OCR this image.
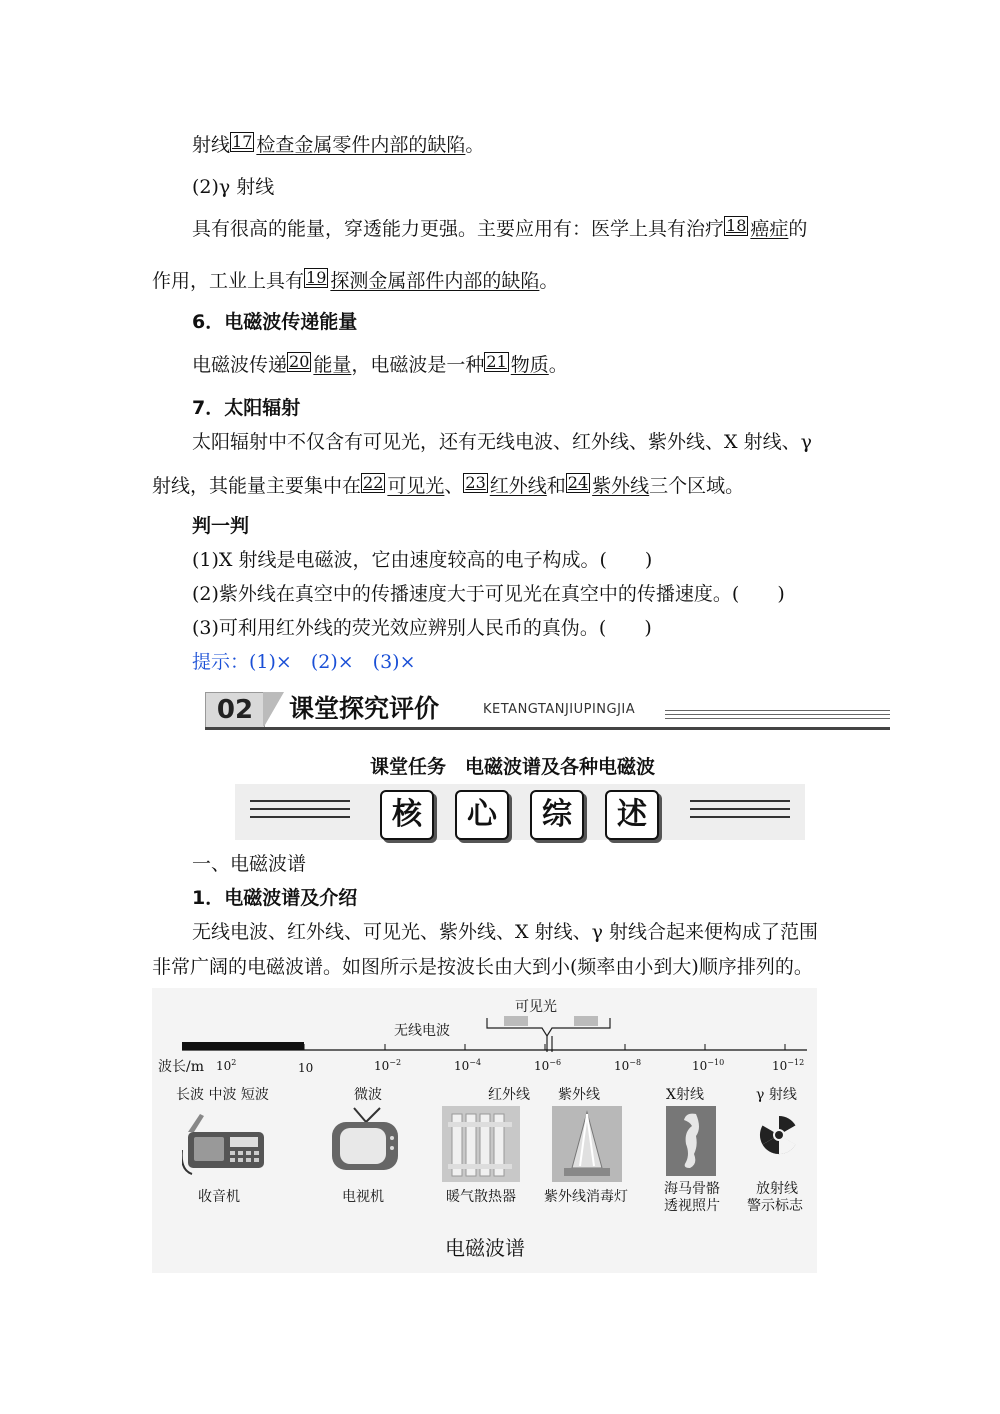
射线 17 检查金属零件内部的缺陷。
(2)γ 射线
具有很高的能量，穿透能力更强。主要应用有：医学上具有治疗 18 癌症的
作用，工业上具有 19 探测金属部件内部的缺陷。
6．电磁波传递能量
电磁波传递 20 能量，电磁波是一种 21 物质。
7．太阳辐射
太阳辐射中不仅含有可见光，还有无线电波、红外线、紫外线、X 射线、γ
射线，其能量主要集中在 22 可见光、 23 红外线和 24 紫外线三个区域。
判一判
(1)X 射线是电磁波，它由速度较高的电子构成。(　　)
(2)紫外线在真空中的传播速度大于可见光在真空中的传播速度。(　　)
(3)可利用红外线的荧光效应辨别人民币的真伪。(　　)
提示：(1)×　(2)×　(3)×
02	课堂探究评价	KETANGTANJIUPINGJIA
课堂任务　电磁波谱及各种电磁波
核	心	综	述
一、电磁波谱
1．电磁波谱及介绍
无线电波、红外线、可见光、紫外线、X 射线、γ 射线合起来便构成了范围
非常广阔的电磁波谱。如图所示是按波长由大到小(频率由小到大)顺序排列的。
可见光
无线电波
波长/m $10^2$	10	$10^{-2}$	$10^{-4}$	$10^{-6}$	$10^{-8}$	$10^{-10}$	$10^{-12}$
长波 中波 短波	微波	红外线 紫外线	X射线	γ 射线
收音机	电视机	暖气散热器 紫外线消毒灯	海马骨骼
透视照片
放射线
警示标志
电磁波谱
